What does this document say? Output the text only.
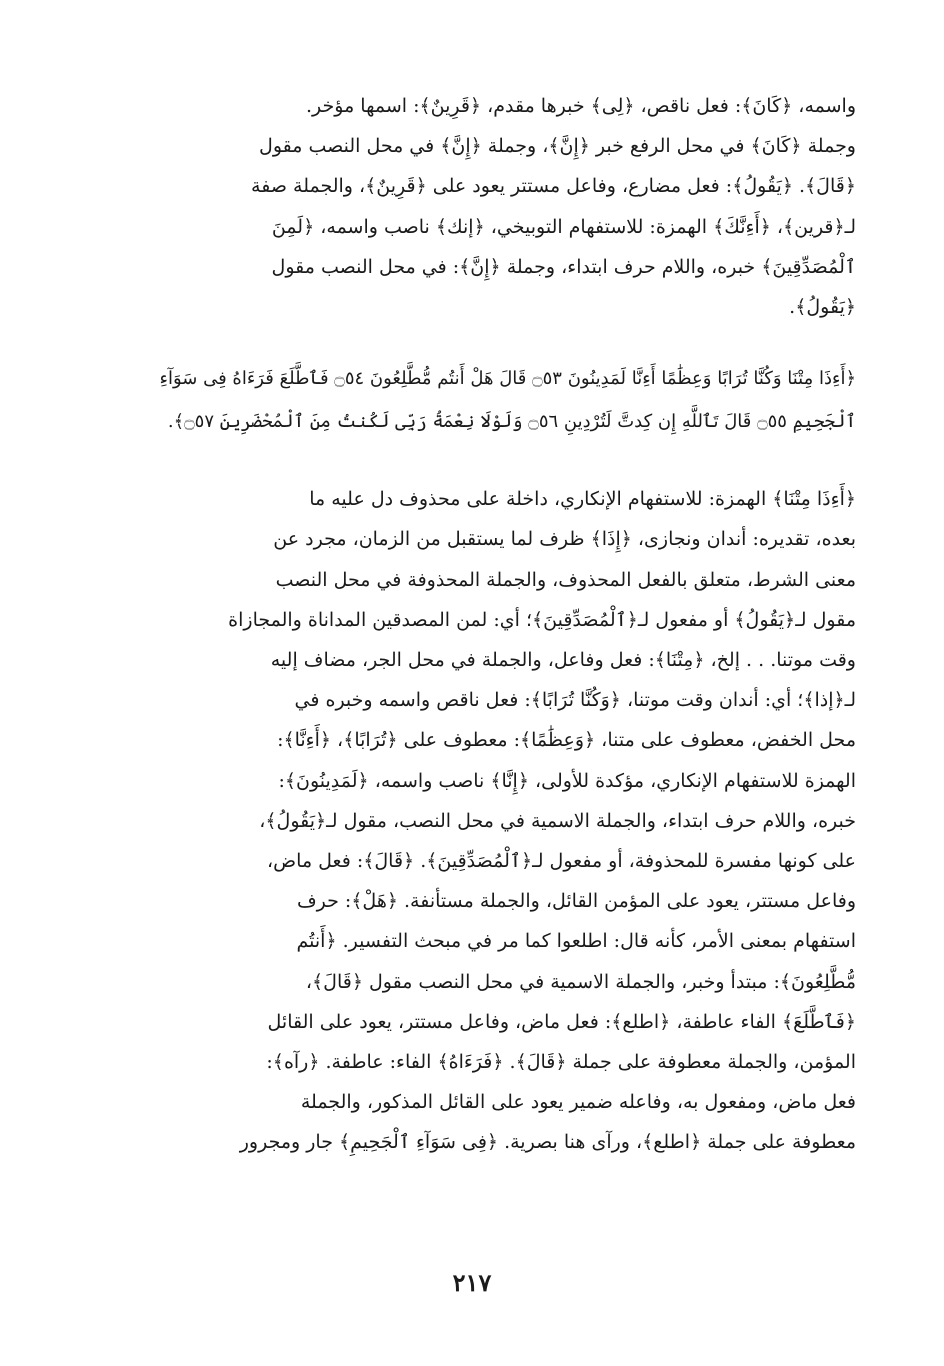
واسمه، ﴿كَانَ﴾: فعل ناقص، ﴿لِى﴾ خبرها مقدم، ﴿قَرِينٌ﴾: اسمها مؤخر.

وجملة ﴿كَانَ﴾ في محل الرفع خبر ﴿إِنَّ﴾، وجملة ﴿إِنَّ﴾ في محل النصب مقول

﴿قَالَ﴾. ﴿يَقُولُ﴾: فعل مضارع، وفاعل مستتر يعود على ﴿قَرِينٌ﴾، والجملة صفة

لـ﴿قرين﴾، ﴿أَءِنَّكَ﴾ الهمزة: للاستفهام التوبيخي، ﴿إنك﴾ ناصب واسمه، ﴿لَمِنَ

ٱلْمُصَدِّقِينَ﴾ خبره، واللام حرف ابتداء، وجملة ﴿إِنَّ﴾: في محل النصب مقول

﴿يَقُولُ﴾.

﴿أَءِذَا مِتْنَا وَكُنَّا تُرَابًا وَعِظَٰمًا أَءِنَّا لَمَدِينُونَ ۝٥٣ قَالَ هَلْ أَنتُم مُّطَّلِعُونَ ۝٥٤ فَٱطَّلَعَ فَرَءَاهُ فِى سَوَآءِ

ٱلْجَحِيمِ ۝٥٥ قَالَ تَٱللَّهِ إِن كِدتَّ لَتُرْدِينِ ۝٥٦ وَلَوْلَا نِعْمَةُ رَبِّى لَكُنتُ مِنَ ٱلْمُحْضَرِينَ ۝٥٧﴾.

﴿أَءِذَا مِتْنَا﴾ الهمزة: للاستفهام الإنكاري، داخلة على محذوف دل عليه ما

بعده، تقديره: أندان ونجازى، ﴿إِذَا﴾ ظرف لما يستقبل من الزمان، مجرد عن

معنى الشرط، متعلق بالفعل المحذوف، والجملة المحذوفة في محل النصب

مقول لـ﴿يَقُولُ﴾ أو مفعول لـ﴿ٱلْمُصَدِّقِينَ﴾؛ أي: لمن المصدقين المداناة والمجازاة

وقت موتنا. . . إلخ، ﴿مِتْنَا﴾: فعل وفاعل، والجملة في محل الجر، مضاف إليه

لـ﴿إذا﴾؛ أي: أندان وقت موتنا، ﴿وَكُنَّا تُرَابًا﴾: فعل ناقص واسمه وخبره في

محل الخفض، معطوف على متنا، ﴿وَعِظَٰمًا﴾: معطوف على ﴿تُرَابًا﴾، ﴿أَءِنَّا﴾:

الهمزة للاستفهام الإنكاري، مؤكدة للأولى، ﴿إِنَّا﴾ ناصب واسمه، ﴿لَمَدِينُونَ﴾:

خبره، واللام حرف ابتداء، والجملة الاسمية في محل النصب، مقول لـ﴿يَقُولُ﴾،

على كونها مفسرة للمحذوفة، أو مفعول لـ﴿ٱلْمُصَدِّقِينَ﴾. ﴿قَالَ﴾: فعل ماض،

وفاعل مستتر، يعود على المؤمن القائل، والجملة مستأنفة. ﴿هَلْ﴾: حرف

استفهام بمعنى الأمر، كأنه قال: اطلعوا كما مر في مبحث التفسير. ﴿أَنتُم

مُّطَّلِعُونَ﴾: مبتدأ وخبر، والجملة الاسمية في محل النصب مقول ﴿قَالَ﴾،

﴿فَٱطَّلَعَ﴾ الفاء عاطفة، ﴿اطلع﴾: فعل ماض، وفاعل مستتر، يعود على القائل

المؤمن، والجملة معطوفة على جملة ﴿قَالَ﴾. ﴿فَرَءَاهُ﴾ الفاء: عاطفة. ﴿رآه﴾:

فعل ماض، ومفعول به، وفاعله ضمير يعود على القائل المذكور، والجملة

معطوفة على جملة ﴿اطلع﴾، ورآى هنا بصرية. ﴿فِى سَوَآءِ ٱلْجَحِيمِ﴾ جار ومجرور

٢١٧
